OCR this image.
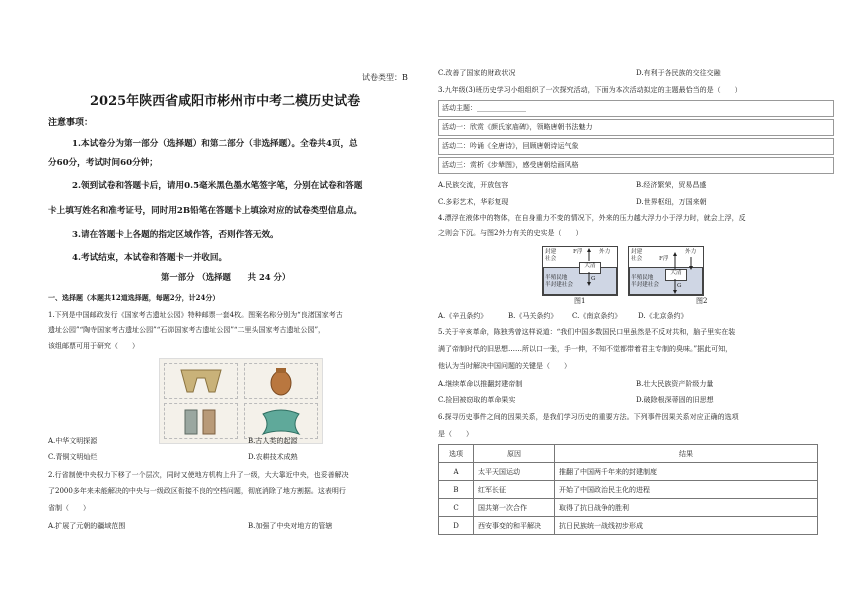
试卷类型：B
2025年陕西省咸阳市彬州市中考二模历史试卷
注意事项：
1.本试卷分为第一部分（选择题）和第二部分（非选择题）。全卷共4页，总
分60分，考试时间60分钟；
2.领到试卷和答题卡后，请用0.5毫米黑色墨水笔签字笔，分别在试卷和答题
卡上填写姓名和准考证号，同时用2B铅笔在答题卡上填涂对应的试卷类型信息点。
3.请在答题卡上各题的指定区域作答，否则作答无效。
4.考试结束，本试卷和答题卡一并收回。
第一部分 （选择题　　共 24 分）
一、选择题（本题共12道选择题，每题2分，计24分）
1.下列是中国邮政发行《国家考古遗址公园》特种邮票一套4枚。图案名称分别为“良渚国家考古
遗址公园”“陶寺国家考古遗址公园”“石峁国家考古遗址公园”“二里头国家考古遗址公园”，
该组邮票可用于研究（　　）
A.中华文明探源	B.古人类的起源
C.青铜文明灿烂	D.农耕技术成熟
2.行省制使中央权力下移了一个层次，同时又使地方机构上升了一级，大大靠近中央，也妥善解决
了2000多年来未能解决的中央与一级政区衔接不良的空档问题，彻底消除了地方割据。这表明行
省制（　　）
A.扩展了元朝的疆域范围	B.加强了中央对地方的管辖
C.改善了国家的财政状况	D.有利于各民族的交往交融
3.九年级(3)班历史学习小组组织了一次探究活动，下面为本次活动拟定的主题最恰当的是（　　）
活动主题：______________
活动一：欣赏《颜氏家庙碑》，领略唐朝书法魅力
活动二：吟诵《全唐诗》，回顾唐朝诗运气象
活动三：赏析《步辇图》，感受唐朝绘画风格
A.民族交流，开放包容	B.经济繁荣，贸易昌盛
C.多彩艺术，华彩复现	D.世界枢纽，万国来朝
4.漂浮在液体中的物体，在自身重力不变的情况下，外来的压力越大浮力小于浮力时，就会上浮，反
之则会下沉。与图2外力有关的史实是（　　）
封建
社会
大清
F浮	外力
G
半殖民地
半封建社会
图1
封建
社会
大清
F浮
外力
G
半殖民地
半封建社会
图2
A.《辛丑条约》	B.《马关条约》 C.《南京条约》 D.《北京条约》
5.关于辛亥革命，陈独秀曾这样说道：“我们中国多数国民口里虽然是不反对共和，脑子里实在装
满了帝制时代的旧思想……所以口一张，手一伸，不知不觉都带着君主专制的臭味。”据此可知，
他认为当时解决中国问题的关键是（　　）
A.继续革命以推翻封建帝制	B.壮大民族资产阶级力量
C.捡回被窃取的革命果实	D.破除根深蒂固的旧思想
6.探寻历史事件之间的因果关系，是我们学习历史的重要方法。下列事件因果关系对应正确的选项
是（　　）
选项	原因	结果
A	太平天国运动	推翻了中国两千年来的封建制度
B	红军长征	开始了中国政治民主化的进程
C	国共第一次合作	取得了抗日战争的胜利
D	西安事变的和平解决	抗日民族统一战线初步形成
